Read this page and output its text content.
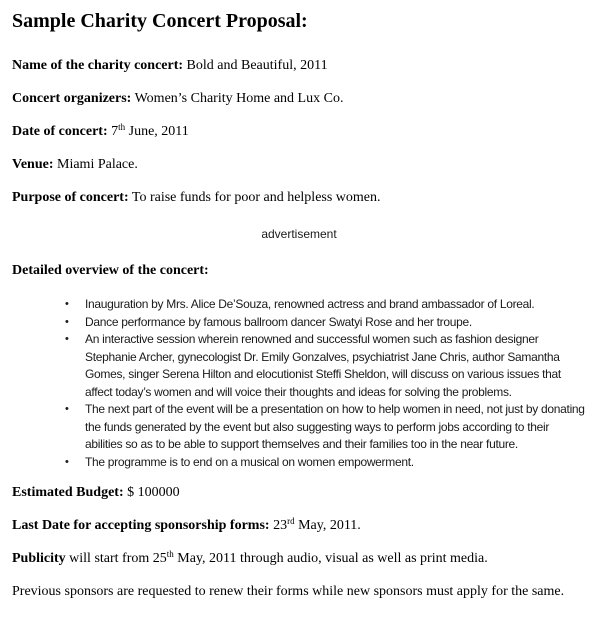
Sample Charity Concert Proposal:

Name of the charity concert: Bold and Beautiful, 2011

Concert organizers: Women’s Charity Home and Lux Co.

Date of concert: 7th June, 2011

Venue: Miami Palace.

Purpose of concert: To raise funds for poor and helpless women.

advertisement

Detailed overview of the concert:

•	Inauguration by Mrs. Alice De’Souza, renowned actress and brand ambassador of Loreal.
•	Dance performance by famous ballroom dancer Swatyi Rose and her troupe.
•	An interactive session wherein renowned and successful women such as fashion designer Stephanie Archer, gynecologist Dr. Emily Gonzalves, psychiatrist Jane Chris, author Samantha Gomes, singer Serena Hilton and elocutionist Steffi Sheldon, will discuss on various issues that affect today’s women and will voice their thoughts and ideas for solving the problems.
•	The next part of the event will be a presentation on how to help women in need, not just by donating the funds generated by the event but also suggesting ways to perform jobs according to their abilities so as to be able to support themselves and their families too in the near future.
•	The programme is to end on a musical on women empowerment.

Estimated Budget: $ 100000

Last Date for accepting sponsorship forms: 23rd May, 2011.

Publicity will start from 25th May, 2011 through audio, visual as well as print media.

Previous sponsors are requested to renew their forms while new sponsors must apply for the same.
